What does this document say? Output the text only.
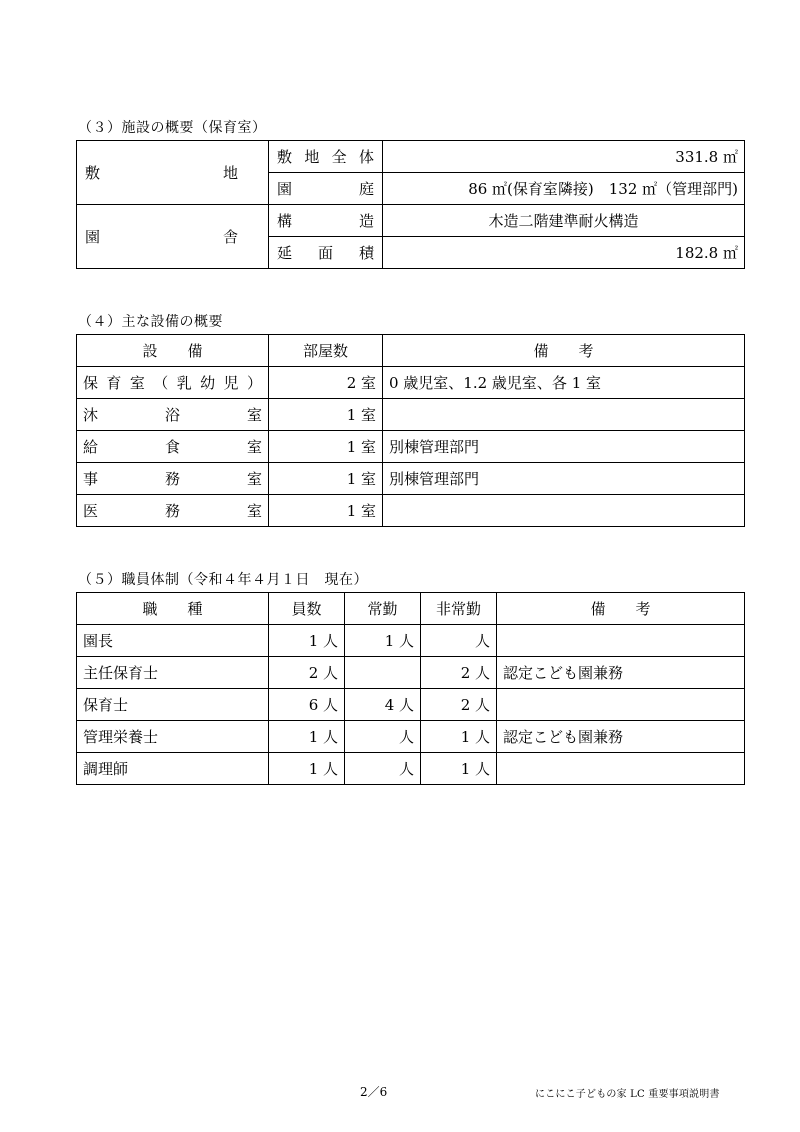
（３）施設の概要（保育室）
敷　　　　地	敷地全体	331.8 ㎡
	園　　　庭	86 ㎡(保育室隣接)　132 ㎡（管理部門)
園　　　　舎	構　　　造	木造二階建準耐火構造
	延　面　積	182.8 ㎡
（４）主な設備の概要
設　　備	部屋数	備　　考
保育室（乳幼児）	2 室	0 歳児室、1.2 歳児室、各 1 室
沐　浴　室	1 室	
給　食　室	1 室	別棟管理部門
事　務　室	1 室	別棟管理部門
医　務　室	1 室	
（５）職員体制（令和４年４月１日　現在）
職　　種	員数	常勤	非常勤	備　　考
園長	1 人	1 人	人	
主任保育士	2 人		2 人	認定こども園兼務
保育士	6 人	4 人	2 人	
管理栄養士	1 人	人	1 人	認定こども園兼務
調理師	1 人	人	1 人	
2／6	にこにこ子どもの家 LC 重要事項説明書
